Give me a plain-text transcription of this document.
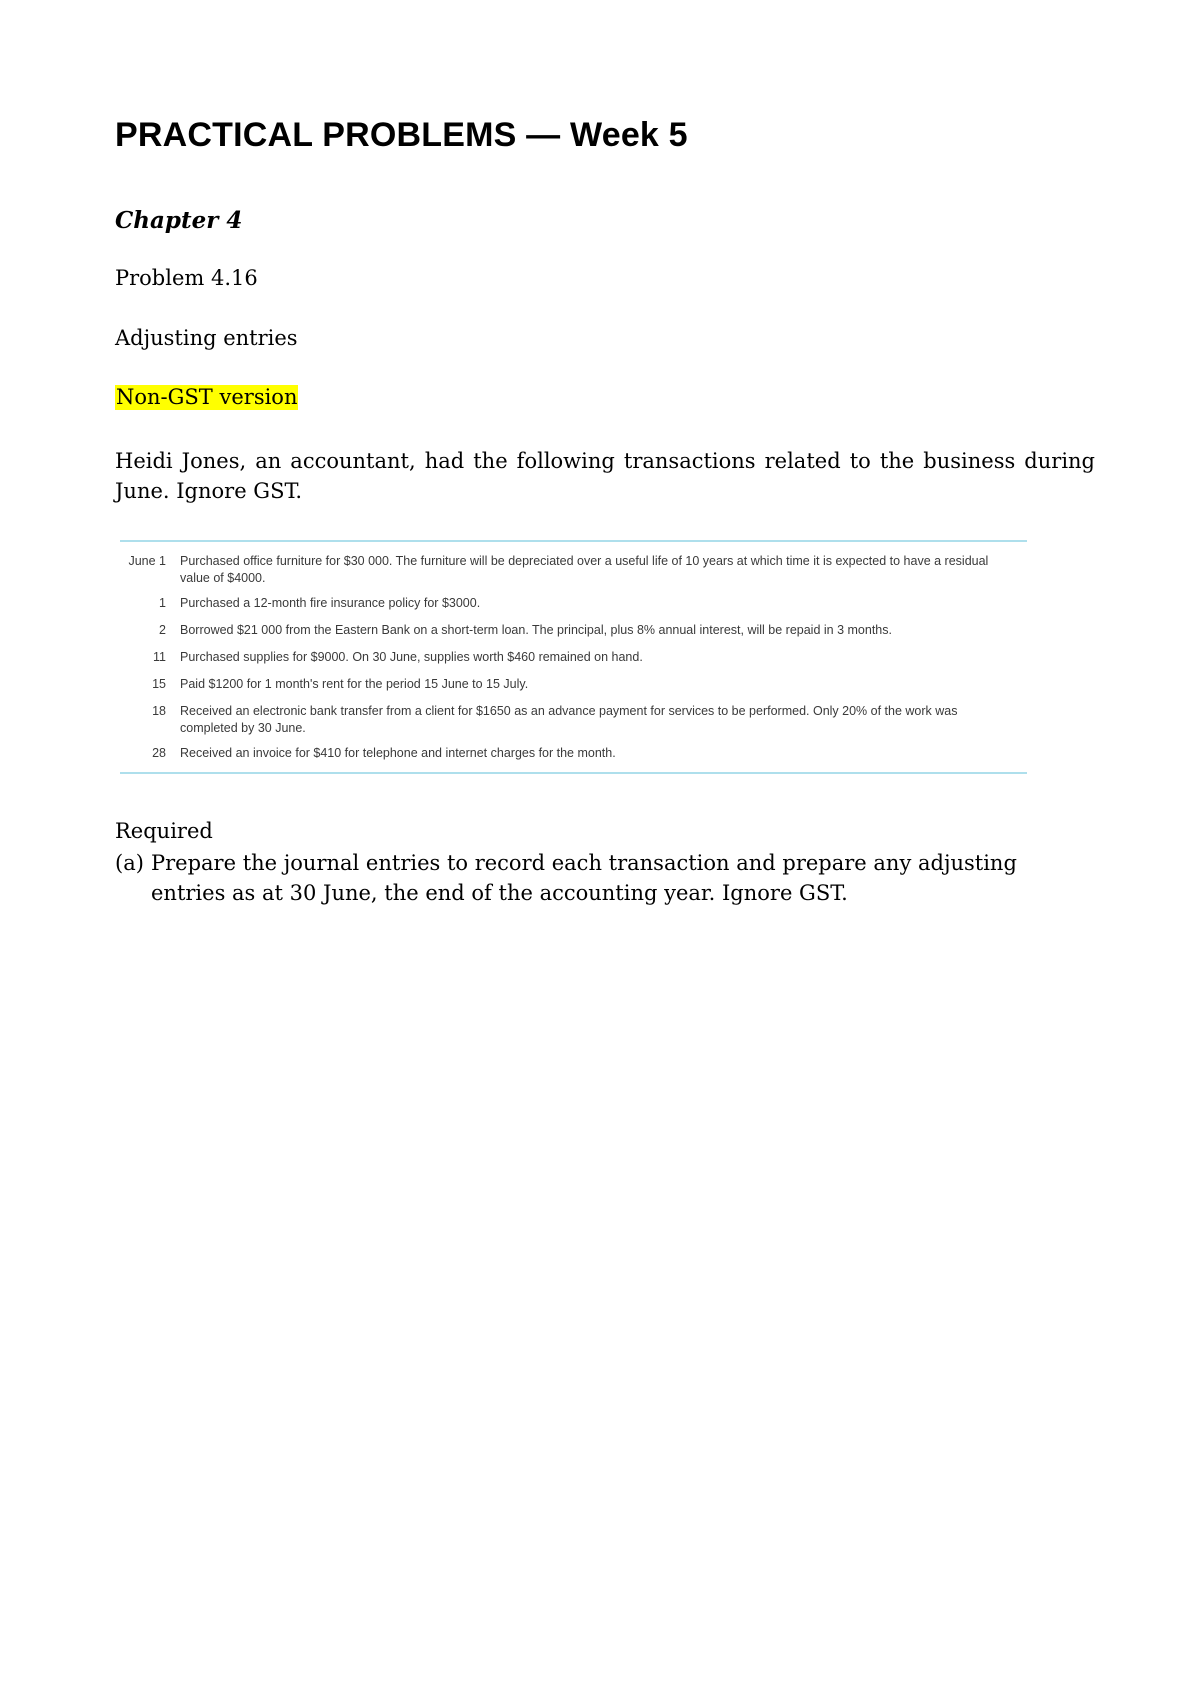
PRACTICAL PROBLEMS — Week 5

Chapter 4

Problem 4.16

Adjusting entries

Non-GST version

Heidi Jones, an accountant, had the following transactions related to the business during June. Ignore GST.

June 1 Purchased office furniture for $30 000. The furniture will be depreciated over a useful life of 10 years at which time it is expected to have a residual value of $4000.
1 Purchased a 12-month fire insurance policy for $3000.
2 Borrowed $21 000 from the Eastern Bank on a short-term loan. The principal, plus 8% annual interest, will be repaid in 3 months.
11 Purchased supplies for $9000. On 30 June, supplies worth $460 remained on hand.
15 Paid $1200 for 1 month's rent for the period 15 June to 15 July.
18 Received an electronic bank transfer from a client for $1650 as an advance payment for services to be performed. Only 20% of the work was completed by 30 June.
28 Received an invoice for $410 for telephone and internet charges for the month.

Required

(a) Prepare the journal entries to record each transaction and prepare any adjusting entries as at 30 June, the end of the accounting year. Ignore GST.
